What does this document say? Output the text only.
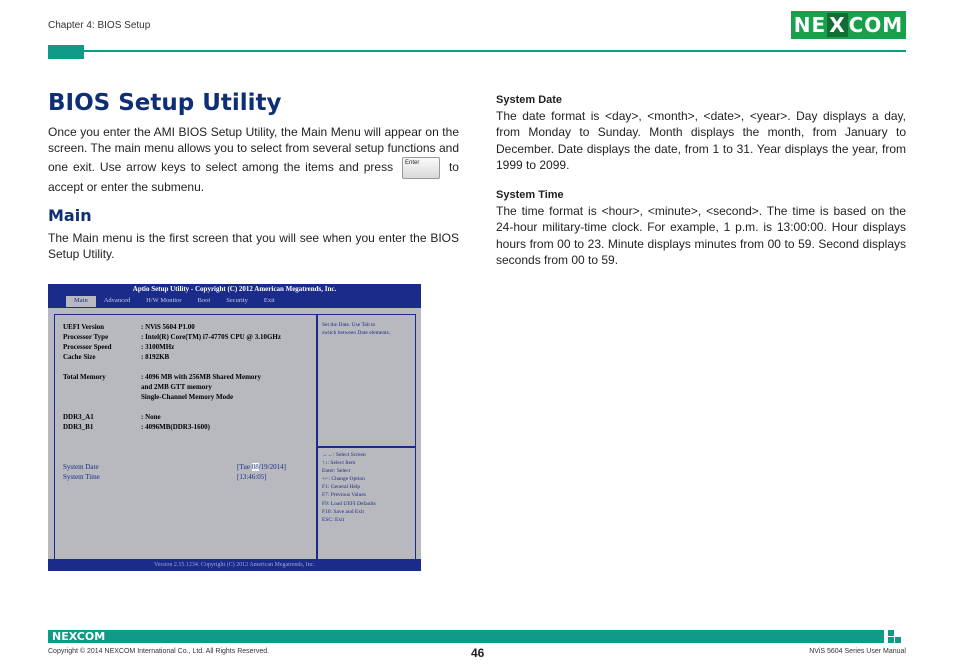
Chapter 4: BIOS Setup	NE X COM
BIOS Setup Utility

Once you enter the AMI BIOS Setup Utility, the Main Menu will appear on the screen. The main menu allows you to select from several setup functions and one exit. Use arrow keys to select among the items and press Enter to accept or enter the submenu.

Main

The Main menu is the first screen that you will see when you enter the BIOS Setup Utility.

Aptio Setup Utility - Copyright (C) 2012 American Megatrends, Inc.
Main	Advanced	H/W Monitor	Boot	Security	Exit
UEFI Version	: NViS 5604 P1.00
Processor Type	: Intel(R) Core(TM) i7-4770S CPU @ 3.10GHz
Processor Speed	: 3100MHz
Cache Size	: 8192KB
Total Memory	: 4096 MB with 256MB Shared Memory
and 2MB GTT memory
Single-Channel Memory Mode
DDR3_A1	: None
DDR3_B1	: 4096MB(DDR3-1600)
System Date	[Tue 08/19/2014]
System Time	[13:46:05]
Set the Date. Use Tab to
switch between Date elements.
→←: Select Screen
↑↓: Select Item
Enter: Select
+/-: Change Option
F1: General Help
F7: Previous Values
F9: Load UEFI Defaults
F10: Save and Exit
ESC: Exit
Version 2.15.1234. Copyright (C) 2012 American Megatrends, Inc.
System Date

The date format is <day>, <month>, <date>, <year>. Day displays a day, from Monday to Sunday. Month displays the month, from January to December. Date displays the date, from 1 to 31. Year displays the year, from 1999 to 2099.

System Time

The time format is <hour>, <minute>, <second>. The time is based on the 24-hour military-time clock. For example, 1 p.m. is 13:00:00. Hour displays hours from 00 to 23. Minute displays minutes from 00 to 59. Second displays seconds from 00 to 59.

NEXCOM
Copyright © 2014 NEXCOM International Co., Ltd. All Rights Reserved.	46	NViS 5604 Series User Manual
